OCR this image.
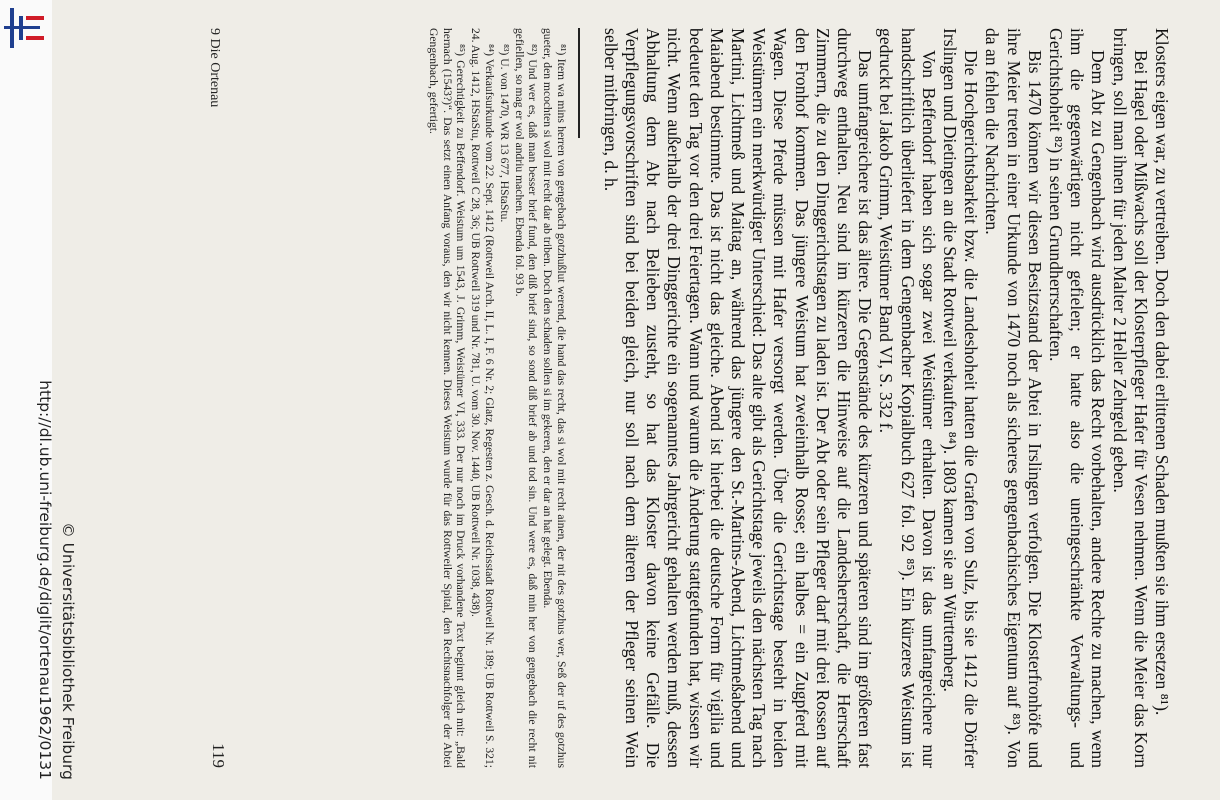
Klosters eigen war, zu vertreiben. Doch den dabei erlittenen Schaden mußten sie ihm ersetzen ⁸¹).

Bei Hagel oder Mißwachs soll der Klosterpfleger Hafer für Vesen nehmen. Wenn die Meier das Korn bringen, soll man ihnen für jeden Malter 2 Heller Zehrgeld geben.

Dem Abt zu Gengenbach wird ausdrücklich das Recht vorbehalten, andere Rechte zu machen, wenn ihm die gegenwärtigen nicht gefielen; er hatte also die uneingeschränkte Verwaltungs- und Gerichtshoheit ⁸²) in seinen Grundherrschaften.

Bis 1470 können wir diesen Besitzstand der Abtei in Irslingen verfolgen. Die Klosterfronhöfe und ihre Meier treten in einer Urkunde von 1470 noch als sicheres gengenbachisches Eigentum auf ⁸³). Von da an fehlen die Nachrichten.

Die Hochgerichtsbarkeit bzw. die Landeshoheit hatten die Grafen von Sulz, bis sie 1412 die Dörfer Irslingen und Dietingen an die Stadt Rottweil verkauften ⁸⁴). 1803 kamen sie an Württemberg.

Von Beffendorf haben sich sogar zwei Weistümer erhalten. Davon ist das umfangreichere nur handschriftlich überliefert in dem Gengenbacher Kopialbuch 627 fol. 92 ⁸⁵). Ein kürzeres Weistum ist gedruckt bei Jakob Grimm, Weistümer Band VI, S. 332 f.

Das umfangreichere ist das ältere. Die Gegenstände des kürzeren und späteren sind im größeren fast durchweg enthalten. Neu sind im kürzeren die Hinweise auf die Landesherrschaft, die Herrschaft Zimmern, die zu den Dinggerichtstagen zu laden ist. Der Abt oder sein Pfleger darf mit drei Rossen auf den Fronhof kommen. Das jüngere Weistum hat zweieinhalb Rosse; ein halbes = ein Zugpferd mit Wagen. Diese Pferde müssen mit Hafer versorgt werden. Über die Gerichtstage besteht in beiden Weistümern ein merkwürdiger Unterschied: Das alte gibt als Gerichtstage jeweils den nächsten Tag nach Martini, Lichtmeß und Maitag an, während das jüngere den St.-Martins-Abend, Lichtmeßabend und Maiabend bestimmte. Das ist nicht das gleiche. Abend ist hierbei die deutsche Form für vigilia und bedeutet den Tag vor den drei Feiertagen. Wann und warum die Änderung stattgefunden hat, wissen wir nicht. Wenn außerhalb der drei Dinggerichte ein sogenanntes Jahrgericht gehalten werden muß, dessen Abhaltung dem Abt nach Belieben zusteht, so hat das Kloster davon keine Gefälle. Die Verpflegungsvorschriften sind bei beiden gleich, nur soll nach dem älteren der Pfleger seinen Wein selber mitbringen, d. h.

⁸¹) Item wa mins herren von gengebach gotzhußlut werend, die hand das recht, das si wol mit recht ainen, der nit des gotzhus wer, Seß der uf des gotzhus gueter, den mcochten si wol mit recht dar ab triben. Doch den schaden sollen si im gekeren, den er dar an hat gelegt. Ebenda.

⁸²) Und wer es, daß man besser brief fund, den diß brief sind, so sond diß brief ab und tod sin. Und were es, daß min her von gengebach die recht nit gefiellen, so mag er wol andriu machen. Ebenda fol. 93 b.

⁸³) U. von 1470, WR 13 677, HStaStu.

⁸⁴) Verkaufsurkunde vom 22. Sept. 1412 (Rottweil Arch. II, L. I, F. 6 Nr. 2; Glatz, Regesten z. Gesch. d. Reichsstadt Rottweil Nr. 189; UB Rottweil S. 321; 24. Aug. 1412, HStaStu, Rottweil C 28, 36; UB Rottweil 319 und Nr. 781, U. vom 30. Nov. 1440, UB Rottweil Nr. 1038, 438).

⁸⁵) Gerechtigkeit zu Beffendorf. Weistum um 1543, J. Grimm, Weistümer VI, 333. Der nur noch im Druck vorhandene Text beginnt gleich mit: „Bald hernach (1543?)“. Das setzt einen Anfang voraus, den wir nicht kennen. Dieses Weistum wurde für das Rottweiler Spital, den Rechtsnachfolger der Abtei Gengenbach, gefertigt.

9 Die Ortenau
119
http://dl.ub.uni-freiburg.de/diglit/ortenau1962/0131 © Universitätsbibliothek Freiburg
